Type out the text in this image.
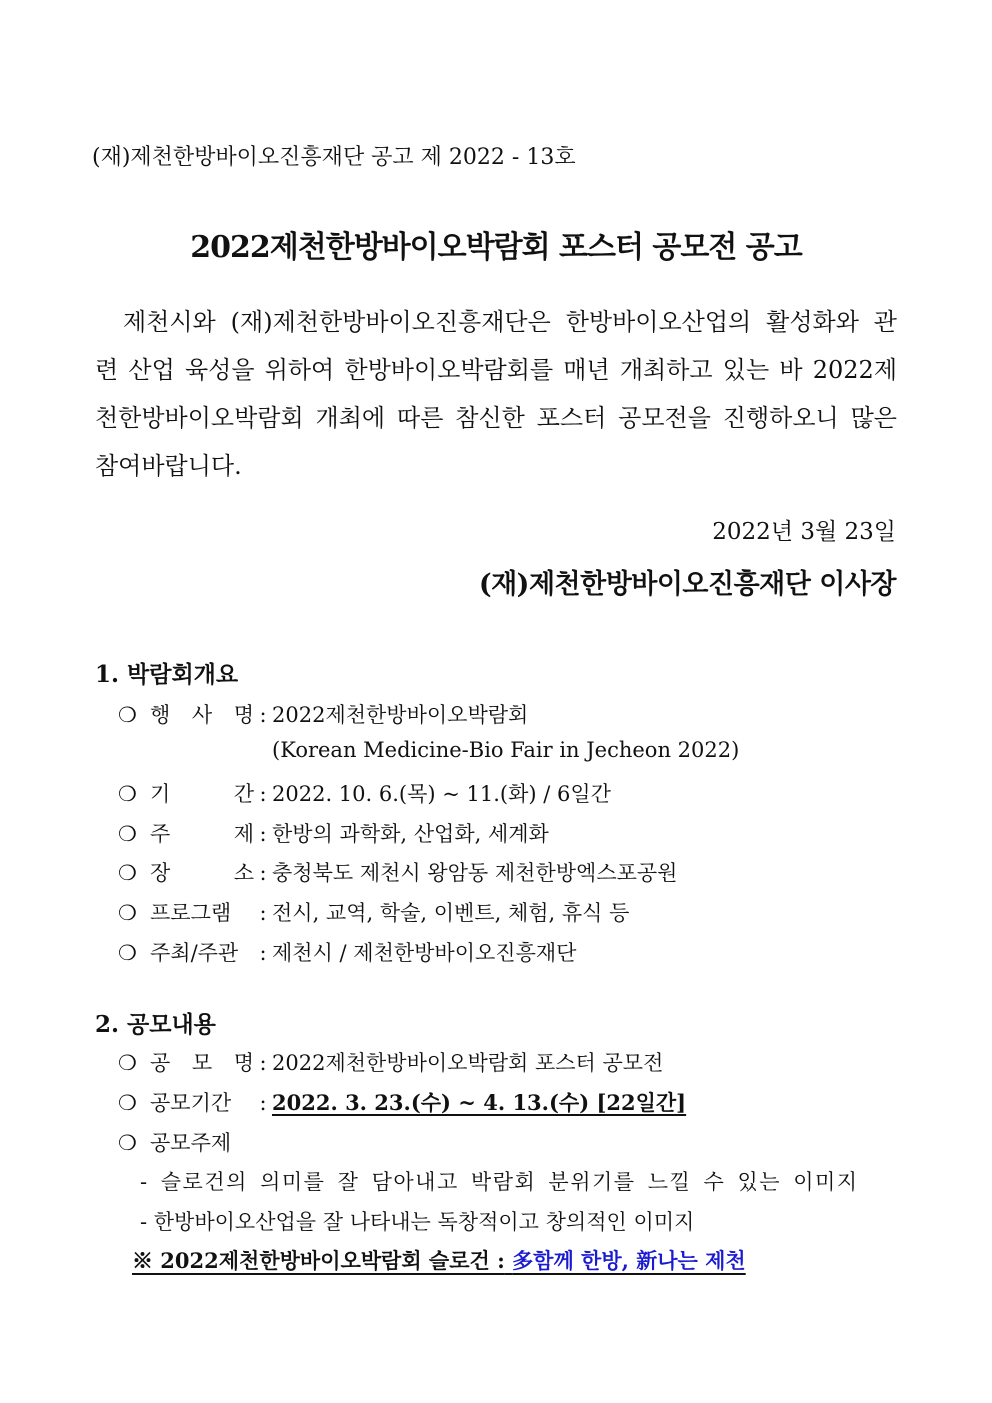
(재)제천한방바이오진흥재단 공고 제 2022 - 13호
2022제천한방바이오박람회 포스터 공모전 공고
제천시와 (재)제천한방바이오진흥재단은 한방바이오산업의 활성화와 관련 산업 육성을 위하여 한방바이오박람회를 매년 개최하고 있는 바 2022제천한방바이오박람회 개최에 따른 참신한 포스터 공모전을 진행하오니 많은 참여바랍니다.
2022년 3월 23일
(재)제천한방바이오진흥재단 이사장
1. 박람회개요
❍ 행 사 명 : 2022제천한방바이오박람회
(Korean Medicine-Bio Fair in Jecheon 2022)
❍ 기	간 : 2022. 10. 6.(목) ~ 11.(화) / 6일간
❍ 주	제 : 한방의 과학화, 산업화, 세계화
❍ 장	소 : 충청북도 제천시 왕암동 제천한방엑스포공원
❍ 프로그램 : 전시, 교역, 학술, 이벤트, 체험, 휴식 등
❍ 주최/주관 : 제천시 / 제천한방바이오진흥재단
2. 공모내용
❍ 공 모 명 : 2022제천한방바이오박람회 포스터 공모전
❍ 공모기간 : 2022. 3. 23.(수) ~ 4. 13.(수) [22일간]
❍ 공모주제
- 슬로건의 의미를 잘 담아내고 박람회 분위기를 느낄 수 있는 이미지
- 한방바이오산업을 잘 나타내는 독창적이고 창의적인 이미지
※ 2022제천한방바이오박람회 슬로건 : 多함께 한방, 新나는 제천
